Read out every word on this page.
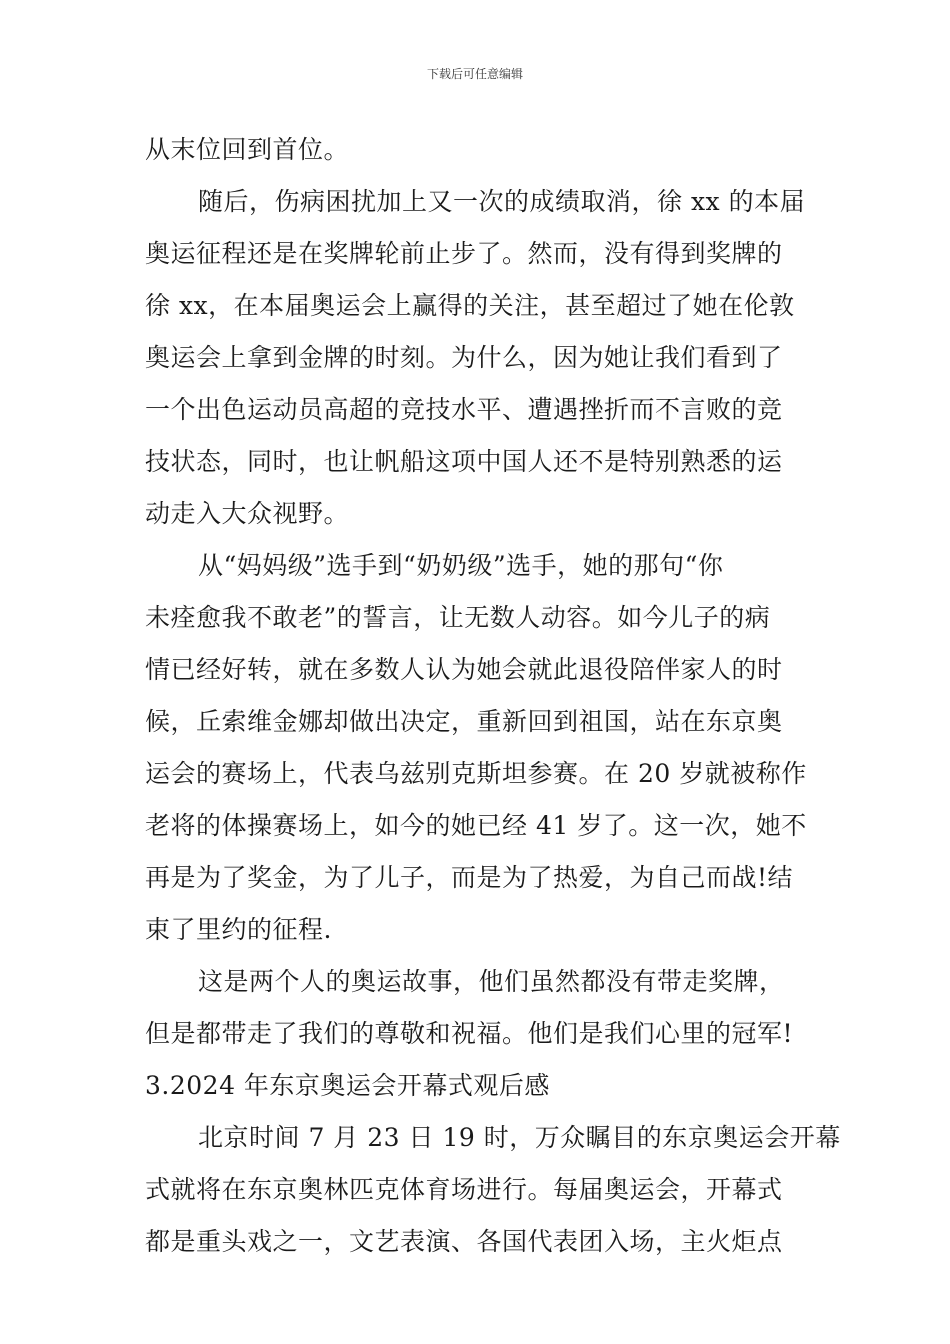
下载后可任意编辑
从末位回到首位。
随后，伤病困扰加上又一次的成绩取消，徐 xx 的本届
奥运征程还是在奖牌轮前止步了。然而，没有得到奖牌的
徐 xx，在本届奥运会上赢得的关注，甚至超过了她在伦敦
奥运会上拿到金牌的时刻。为什么，因为她让我们看到了
一个出色运动员高超的竞技水平、遭遇挫折而不言败的竞
技状态，同时，也让帆船这项中国人还不是特别熟悉的运
动走入大众视野。
从“妈妈级”选手到“奶奶级”选手，她的那句“你
未痊愈我不敢老”的誓言，让无数人动容。如今儿子的病
情已经好转，就在多数人认为她会就此退役陪伴家人的时
候，丘索维金娜却做出决定，重新回到祖国，站在东京奥
运会的赛场上，代表乌兹别克斯坦参赛。在 20 岁就被称作
老将的体操赛场上，如今的她已经 41 岁了。这一次，她不
再是为了奖金，为了儿子，而是为了热爱，为自己而战!结
束了里约的征程.
这是两个人的奥运故事，他们虽然都没有带走奖牌，
但是都带走了我们的尊敬和祝福。他们是我们心里的冠军!
3.2024 年东京奥运会开幕式观后感
北京时间 7 月 23 日 19 时，万众瞩目的东京奥运会开幕
式就将在东京奥林匹克体育场进行。每届奥运会，开幕式
都是重头戏之一，文艺表演、各国代表团入场，主火炬点
